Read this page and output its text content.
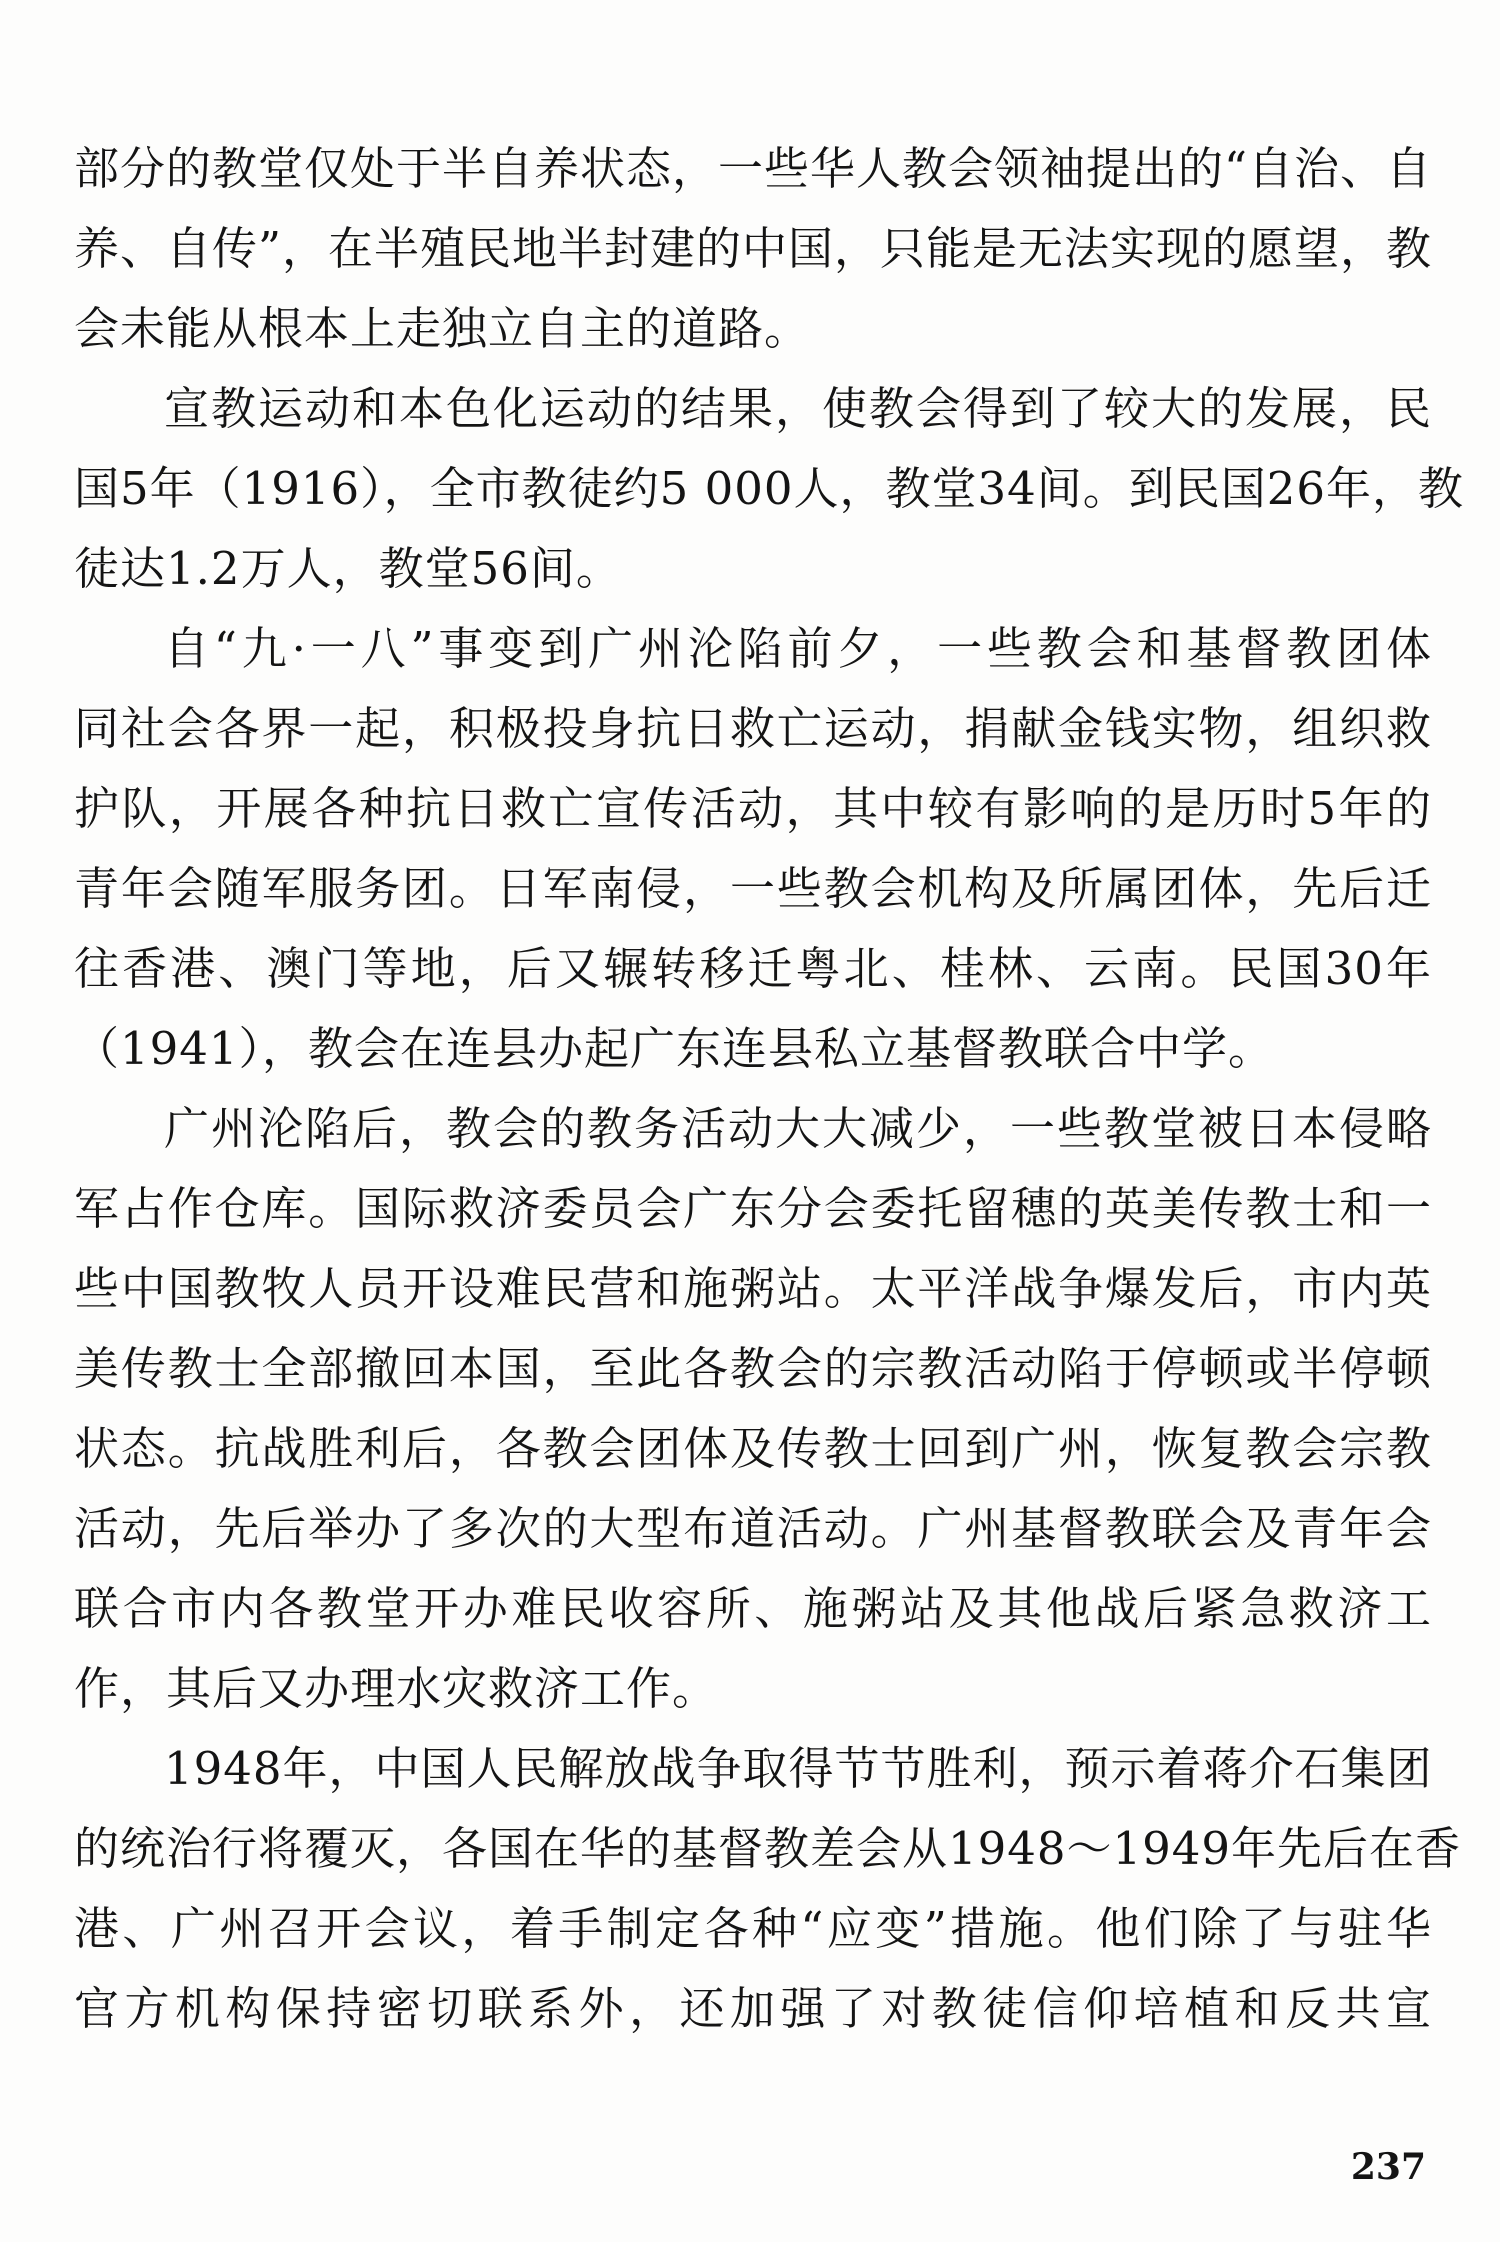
部分的教堂仅处于半自养状态，一些华人教会领袖提出的“自治、自
养、自传”，在半殖民地半封建的中国，只能是无法实现的愿望，教
会未能从根本上走独立自主的道路。
宣教运动和本色化运动的结果，使教会得到了较大的发展，民
国5年（1916），全市教徒约5 000人，教堂34间。到民国26年，教
徒达1.2万人，教堂56间。
自“九·一八”事变到广州沦陷前夕，一些教会和基督教团体
同社会各界一起，积极投身抗日救亡运动，捐献金钱实物，组织救
护队，开展各种抗日救亡宣传活动，其中较有影响的是历时5年的
青年会随军服务团。日军南侵，一些教会机构及所属团体，先后迁
往香港、澳门等地，后又辗转移迁粤北、桂林、云南。民国30年
（1941），教会在连县办起广东连县私立基督教联合中学。
广州沦陷后，教会的教务活动大大减少，一些教堂被日本侵略
军占作仓库。国际救济委员会广东分会委托留穗的英美传教士和一
些中国教牧人员开设难民营和施粥站。太平洋战争爆发后，市内英
美传教士全部撤回本国，至此各教会的宗教活动陷于停顿或半停顿
状态。抗战胜利后，各教会团体及传教士回到广州，恢复教会宗教
活动，先后举办了多次的大型布道活动。广州基督教联会及青年会
联合市内各教堂开办难民收容所、施粥站及其他战后紧急救济工
作，其后又办理水灾救济工作。
1948年，中国人民解放战争取得节节胜利，预示着蒋介石集团
的统治行将覆灭，各国在华的基督教差会从1948～1949年先后在香
港、广州召开会议，着手制定各种“应变”措施。他们除了与驻华
官方机构保持密切联系外，还加强了对教徒信仰培植和反共宣
237
